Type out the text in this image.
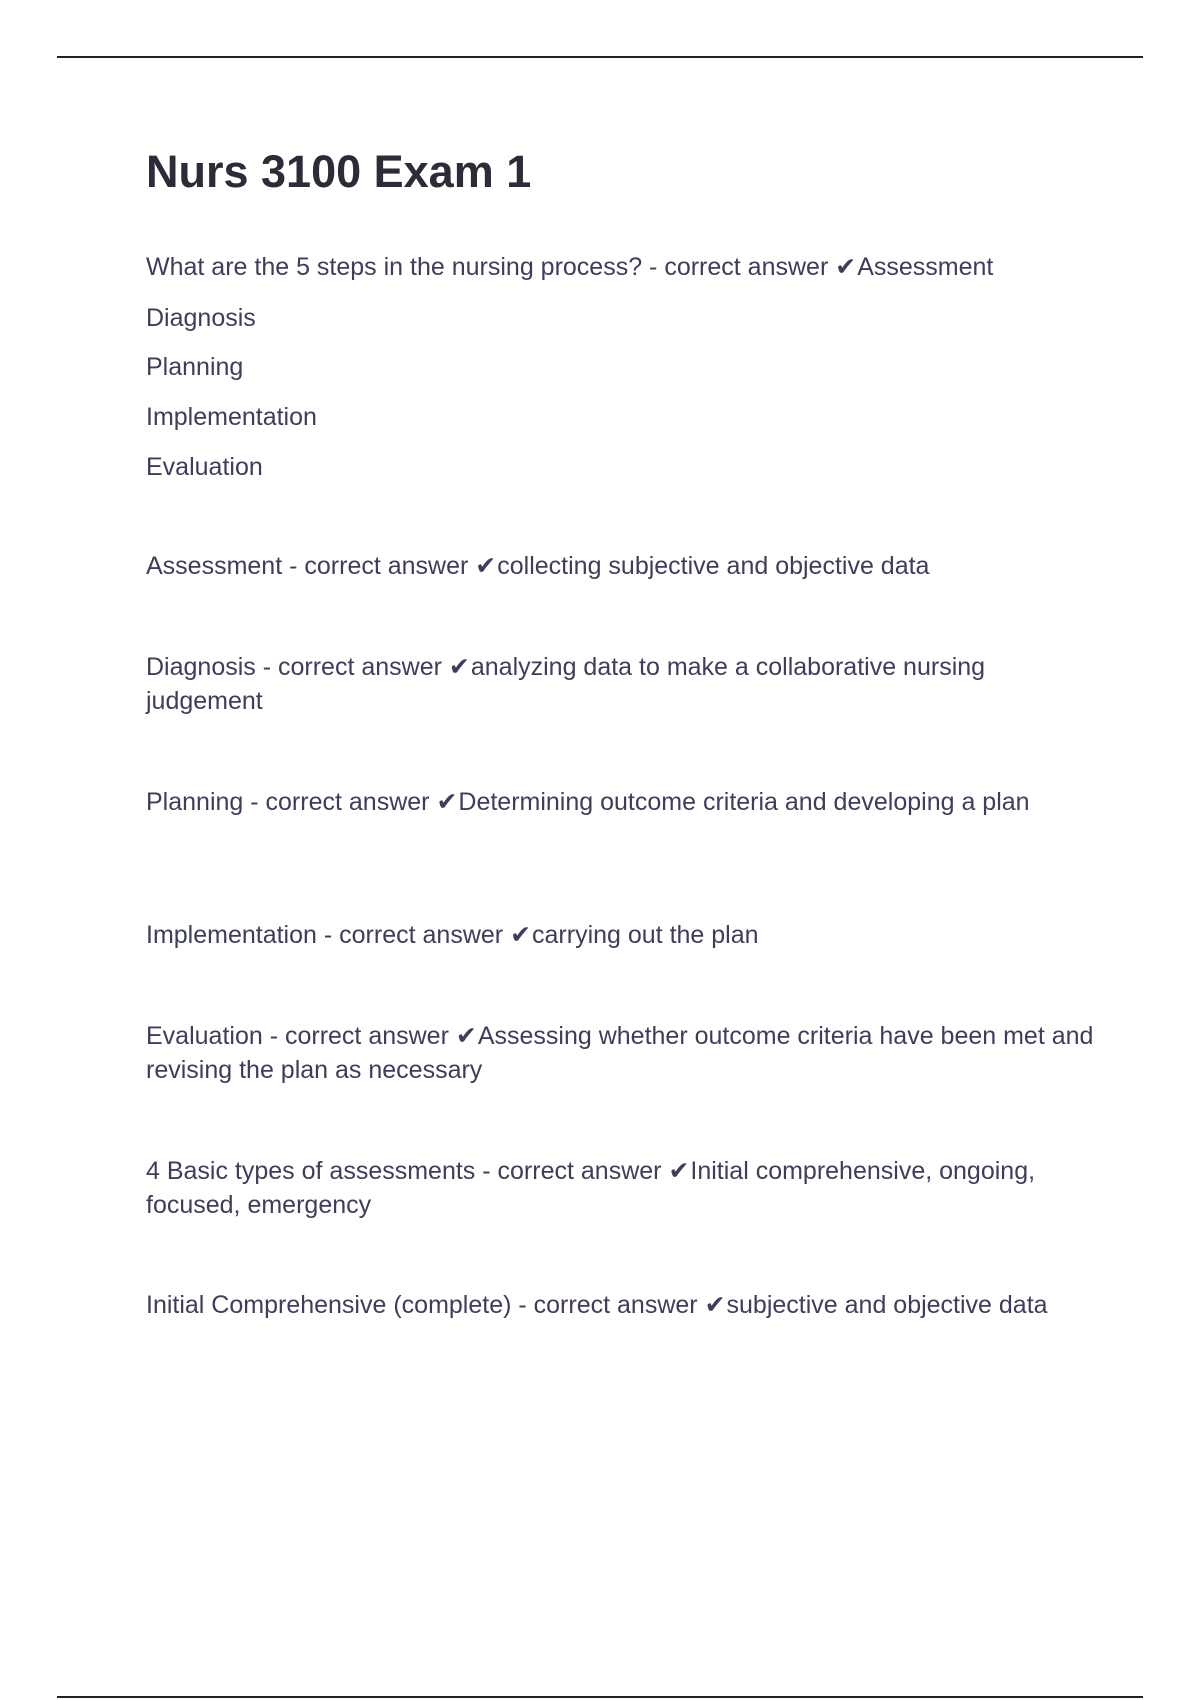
Nurs 3100 Exam 1
What are the 5 steps in the nursing process? - correct answer ✔Assessment
Diagnosis
Planning
Implementation
Evaluation
Assessment - correct answer ✔collecting subjective and objective data
Diagnosis - correct answer ✔analyzing data to make a collaborative nursing judgement
Planning - correct answer ✔Determining outcome criteria and developing a plan
Implementation - correct answer ✔carrying out the plan
Evaluation - correct answer ✔Assessing whether outcome criteria have been met and revising the plan as necessary
4 Basic types of assessments - correct answer ✔Initial comprehensive, ongoing, focused, emergency
Initial Comprehensive (complete) - correct answer ✔subjective and objective data
